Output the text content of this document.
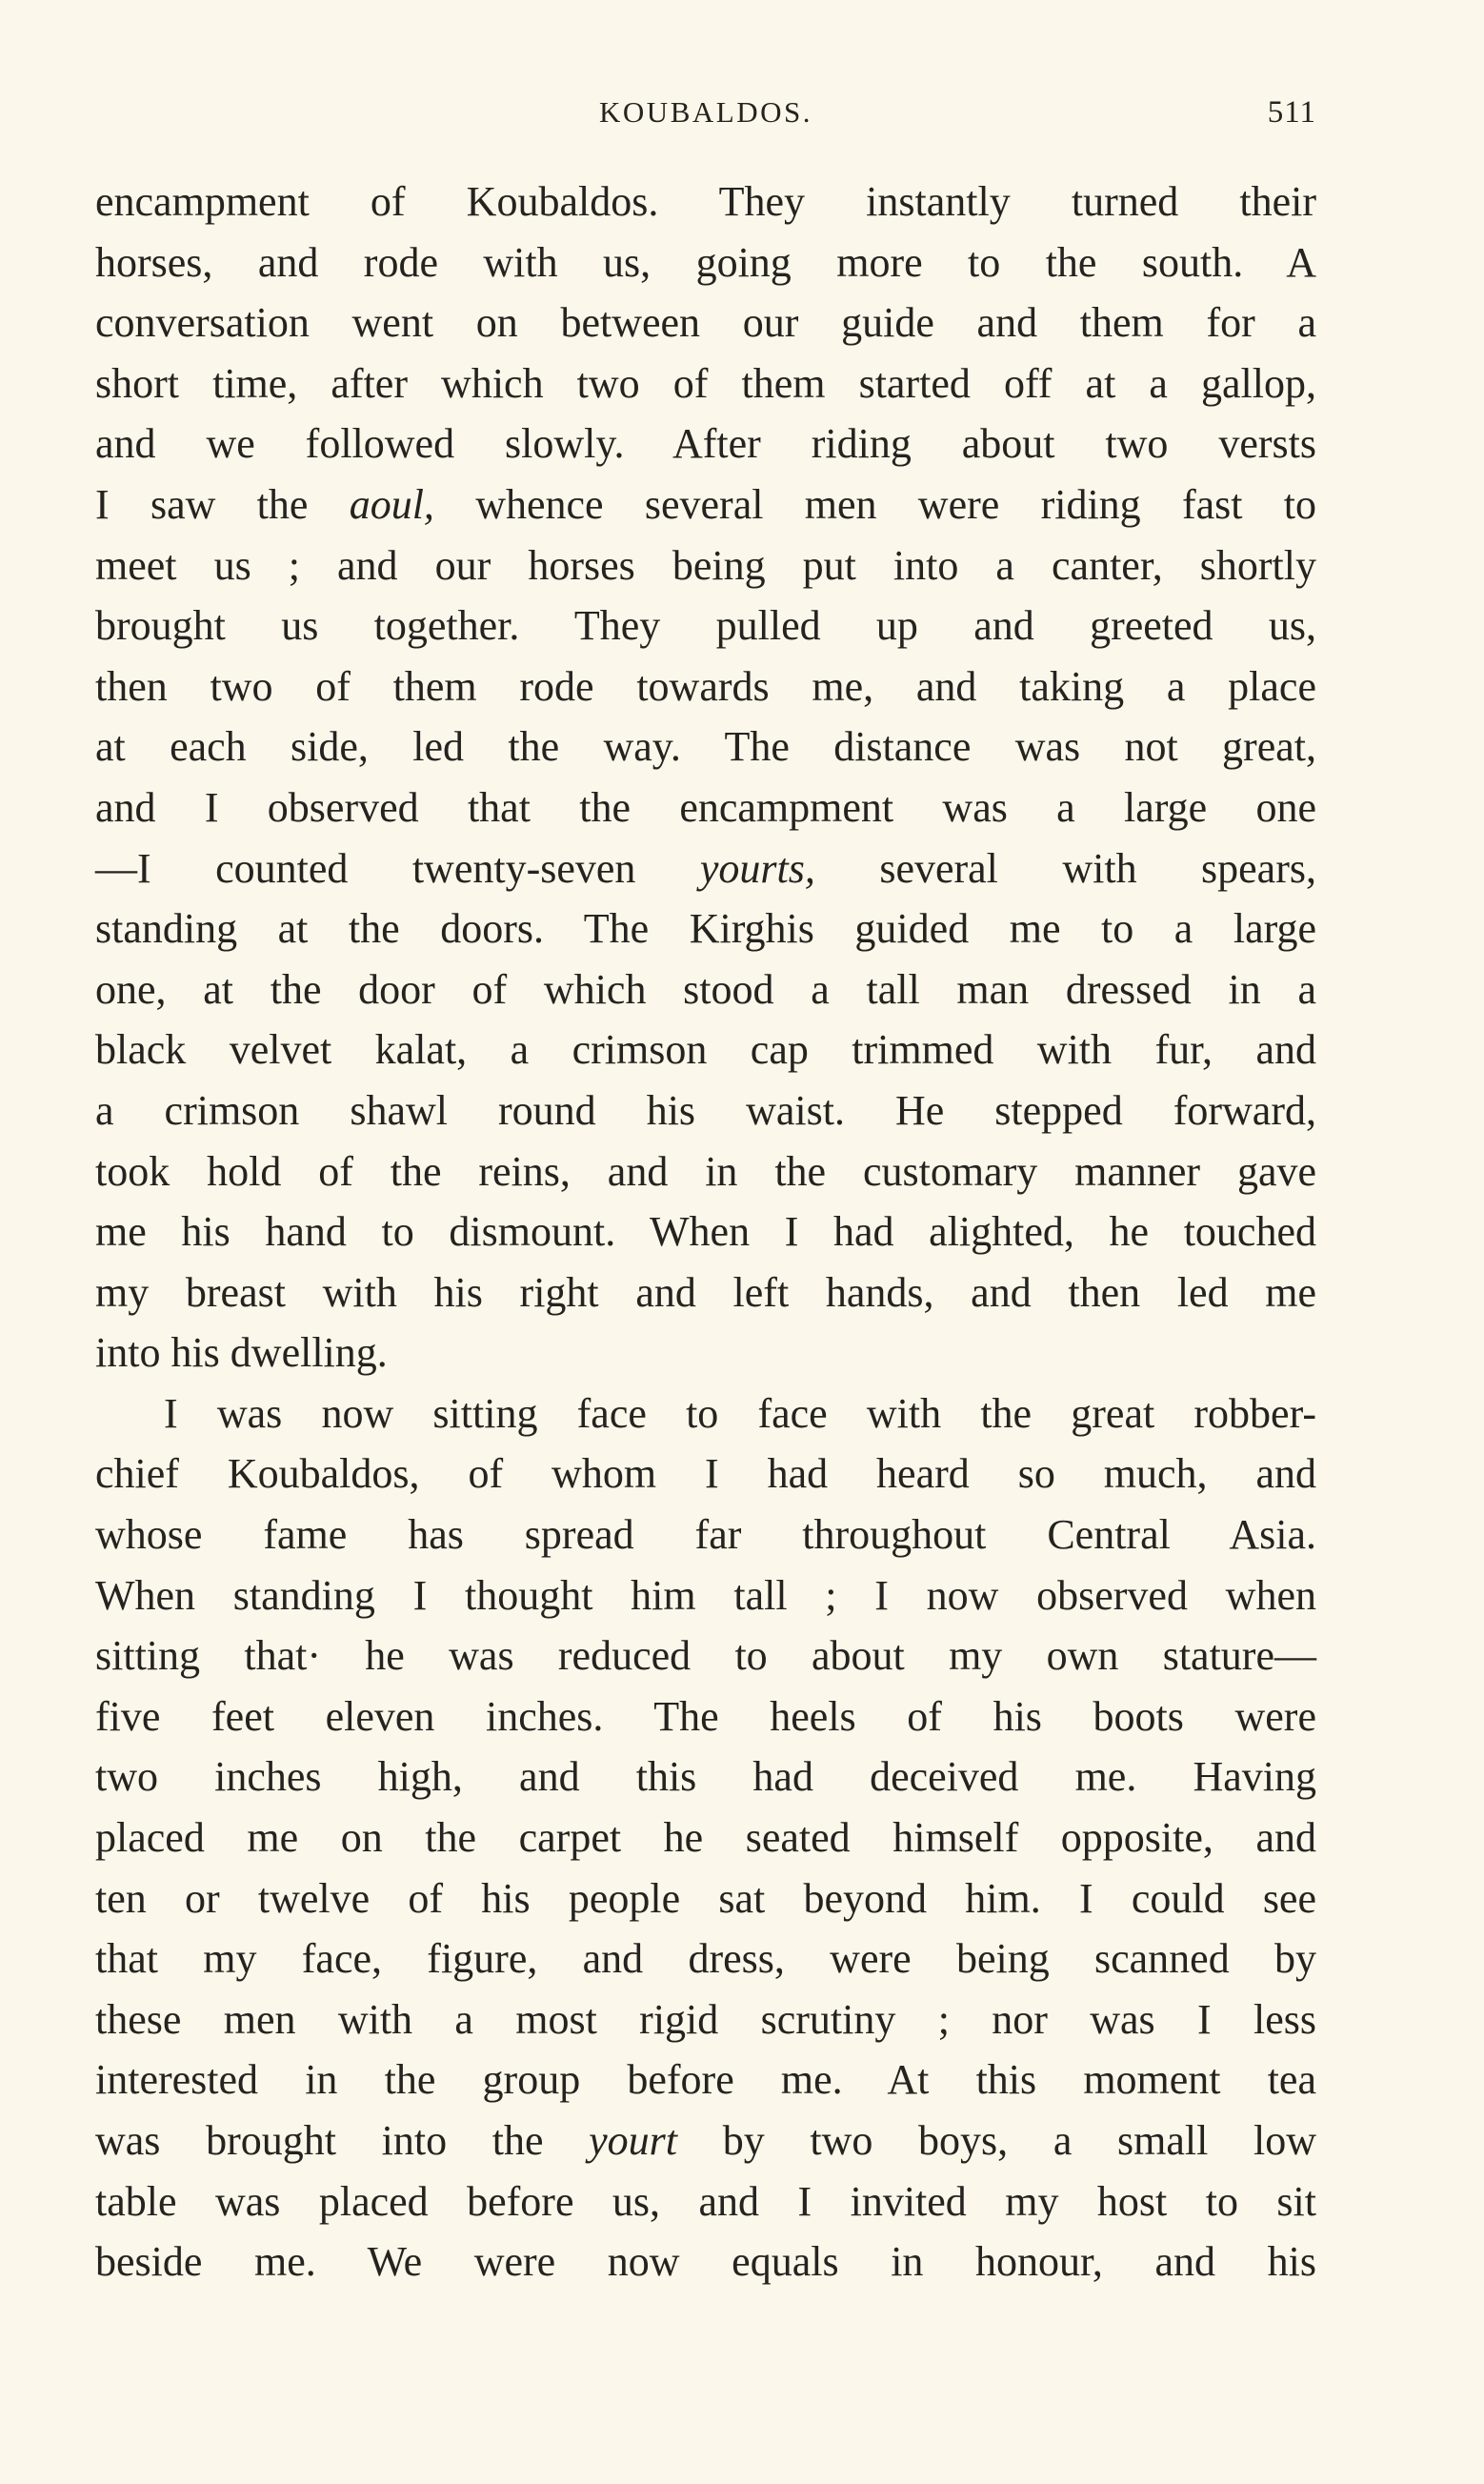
KOUBALDOS.	511
encampment of Koubaldos. They instantly turned their
horses, and rode with us, going more to the south. A
conversation went on between our guide and them for a
short time, after which two of them started off at a gallop,
and we followed slowly. After riding about two versts
I saw the aoul, whence several men were riding fast to
meet us ; and our horses being put into a canter, shortly
brought us together. They pulled up and greeted us,
then two of them rode towards me, and taking a place
at each side, led the way. The distance was not great,
and I observed that the encampment was a large one
—I counted twenty-seven yourts, several with spears,
standing at the doors. The Kirghis guided me to a large
one, at the door of which stood a tall man dressed in a
black velvet kalat, a crimson cap trimmed with fur, and
a crimson shawl round his waist. He stepped forward,
took hold of the reins, and in the customary manner gave
me his hand to dismount. When I had alighted, he touched
my breast with his right and left hands, and then led me
into his dwelling.
I was now sitting face to face with the great robber-
chief Koubaldos, of whom I had heard so much, and
whose fame has spread far throughout Central Asia.
When standing I thought him tall ; I now observed when
sitting that· he was reduced to about my own stature—
five feet eleven inches. The heels of his boots were
two inches high, and this had deceived me. Having
placed me on the carpet he seated himself opposite, and
ten or twelve of his people sat beyond him. I could see
that my face, figure, and dress, were being scanned by
these men with a most rigid scrutiny ; nor was I less
interested in the group before me. At this moment tea
was brought into the yourt by two boys, a small low
table was placed before us, and I invited my host to sit
beside me. We were now equals in honour, and his
